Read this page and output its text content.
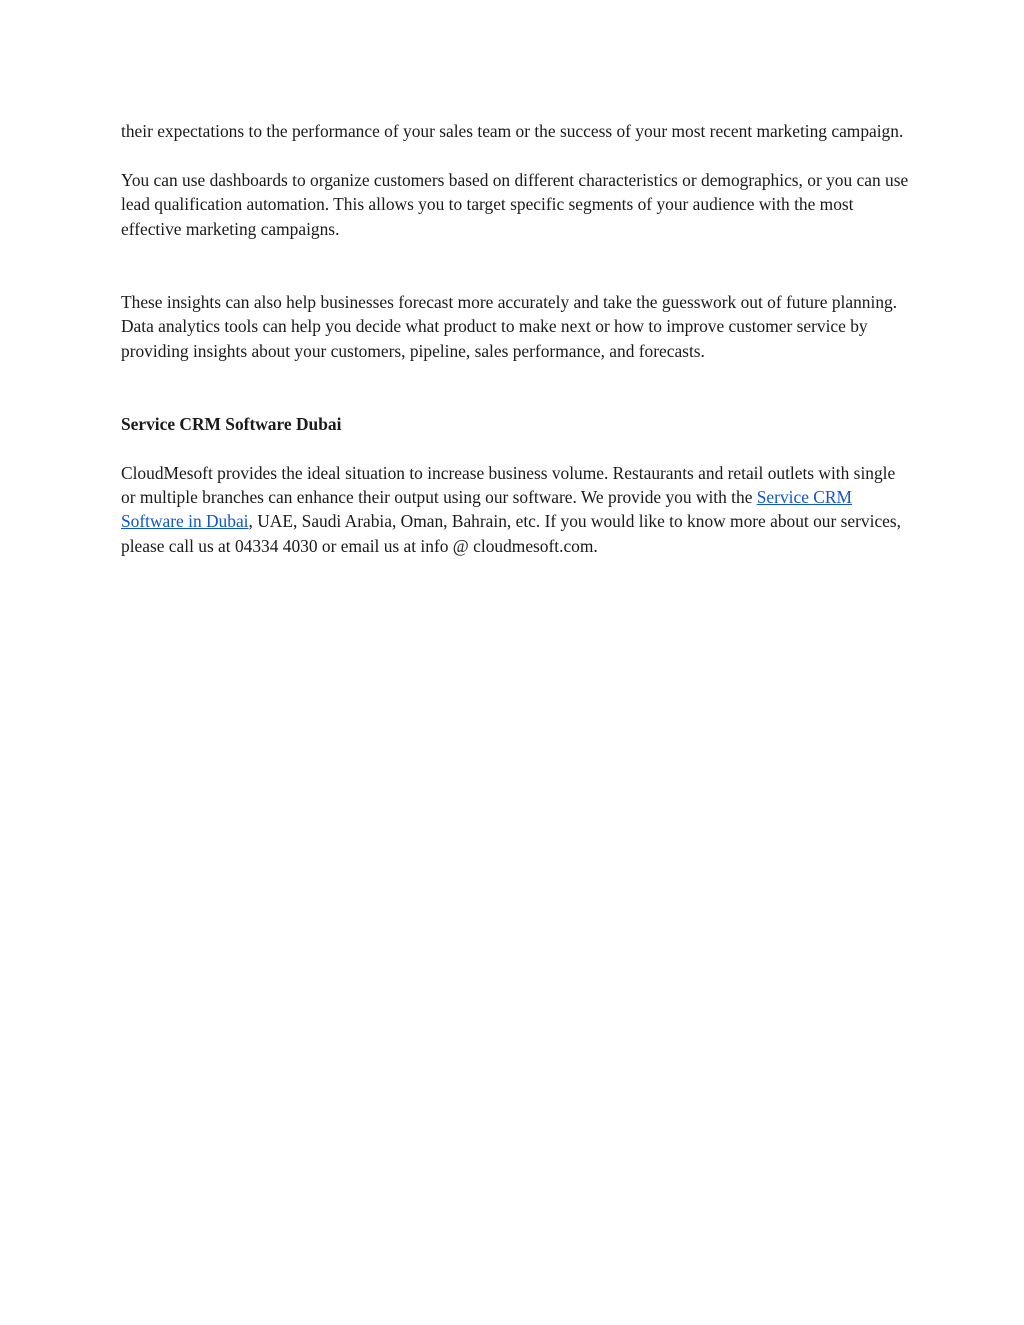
their expectations to the performance of your sales team or the success of your most recent marketing campaign.

You can use dashboards to organize customers based on different characteristics or demographics, or you can use lead qualification automation. This allows you to target specific segments of your audience with the most effective marketing campaigns.

These insights can also help businesses forecast more accurately and take the guesswork out of future planning. Data analytics tools can help you decide what product to make next or how to improve customer service by providing insights about your customers, pipeline, sales performance, and forecasts.

Service CRM Software Dubai

CloudMesoft provides the ideal situation to increase business volume. Restaurants and retail outlets with single or multiple branches can enhance their output using our software. We provide you with the Service CRM Software in Dubai, UAE, Saudi Arabia, Oman, Bahrain, etc. If you would like to know more about our services, please call us at 04334 4030 or email us at info @ cloudmesoft.com.
